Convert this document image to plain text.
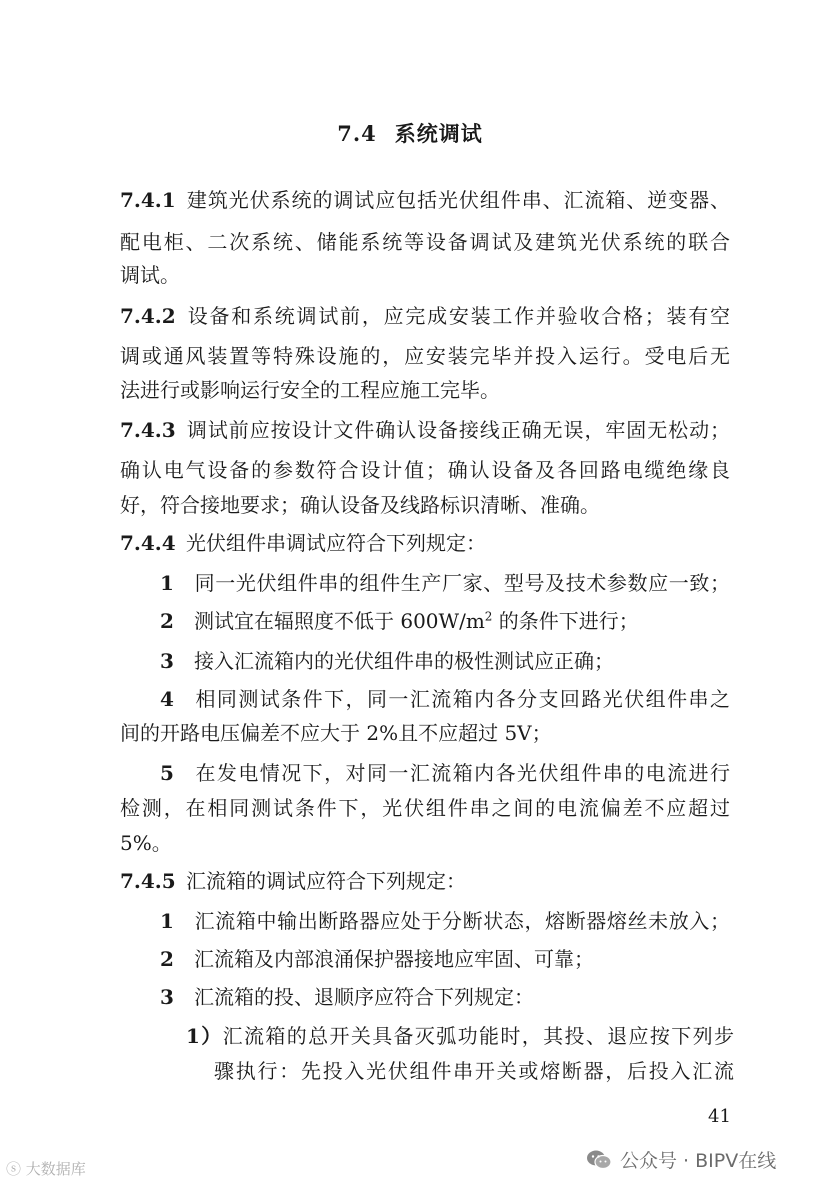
7.4 系统调试
7.4.1 建筑光伏系统的调试应包括光伏组件串、汇流箱、逆变器、
配电柜、二次系统、储能系统等设备调试及建筑光伏系统的联合
调试。
7.4.2 设备和系统调试前，应完成安装工作并验收合格；装有空
调或通风装置等特殊设施的，应安装完毕并投入运行。受电后无
法进行或影响运行安全的工程应施工完毕。
7.4.3 调试前应按设计文件确认设备接线正确无误，牢固无松动；
确认电气设备的参数符合设计值；确认设备及各回路电缆绝缘良
好，符合接地要求；确认设备及线路标识清晰、准确。
7.4.4 光伏组件串调试应符合下列规定：
1 同一光伏组件串的组件生产厂家、型号及技术参数应一致；
2 测试宜在辐照度不低于 $600W/m^2$ 的条件下进行；
3 接入汇流箱内的光伏组件串的极性测试应正确；
4 相同测试条件下，同一汇流箱内各分支回路光伏组件串之
间的开路电压偏差不应大于 2%且不应超过 5V；
5 在发电情况下，对同一汇流箱内各光伏组件串的电流进行
检测，在相同测试条件下，光伏组件串之间的电流偏差不应超过
5%。
7.4.5 汇流箱的调试应符合下列规定：
1 汇流箱中输出断路器应处于分断状态，熔断器熔丝未放入；
2 汇流箱及内部浪涌保护器接地应牢固、可靠；
3 汇流箱的投、退顺序应符合下列规定：
1）汇流箱的总开关具备灭弧功能时，其投、退应按下列步
骤执行：先投入光伏组件串开关或熔断器，后投入汇流
41
ⓢ 大数据库	公众号 · BIPV在线
